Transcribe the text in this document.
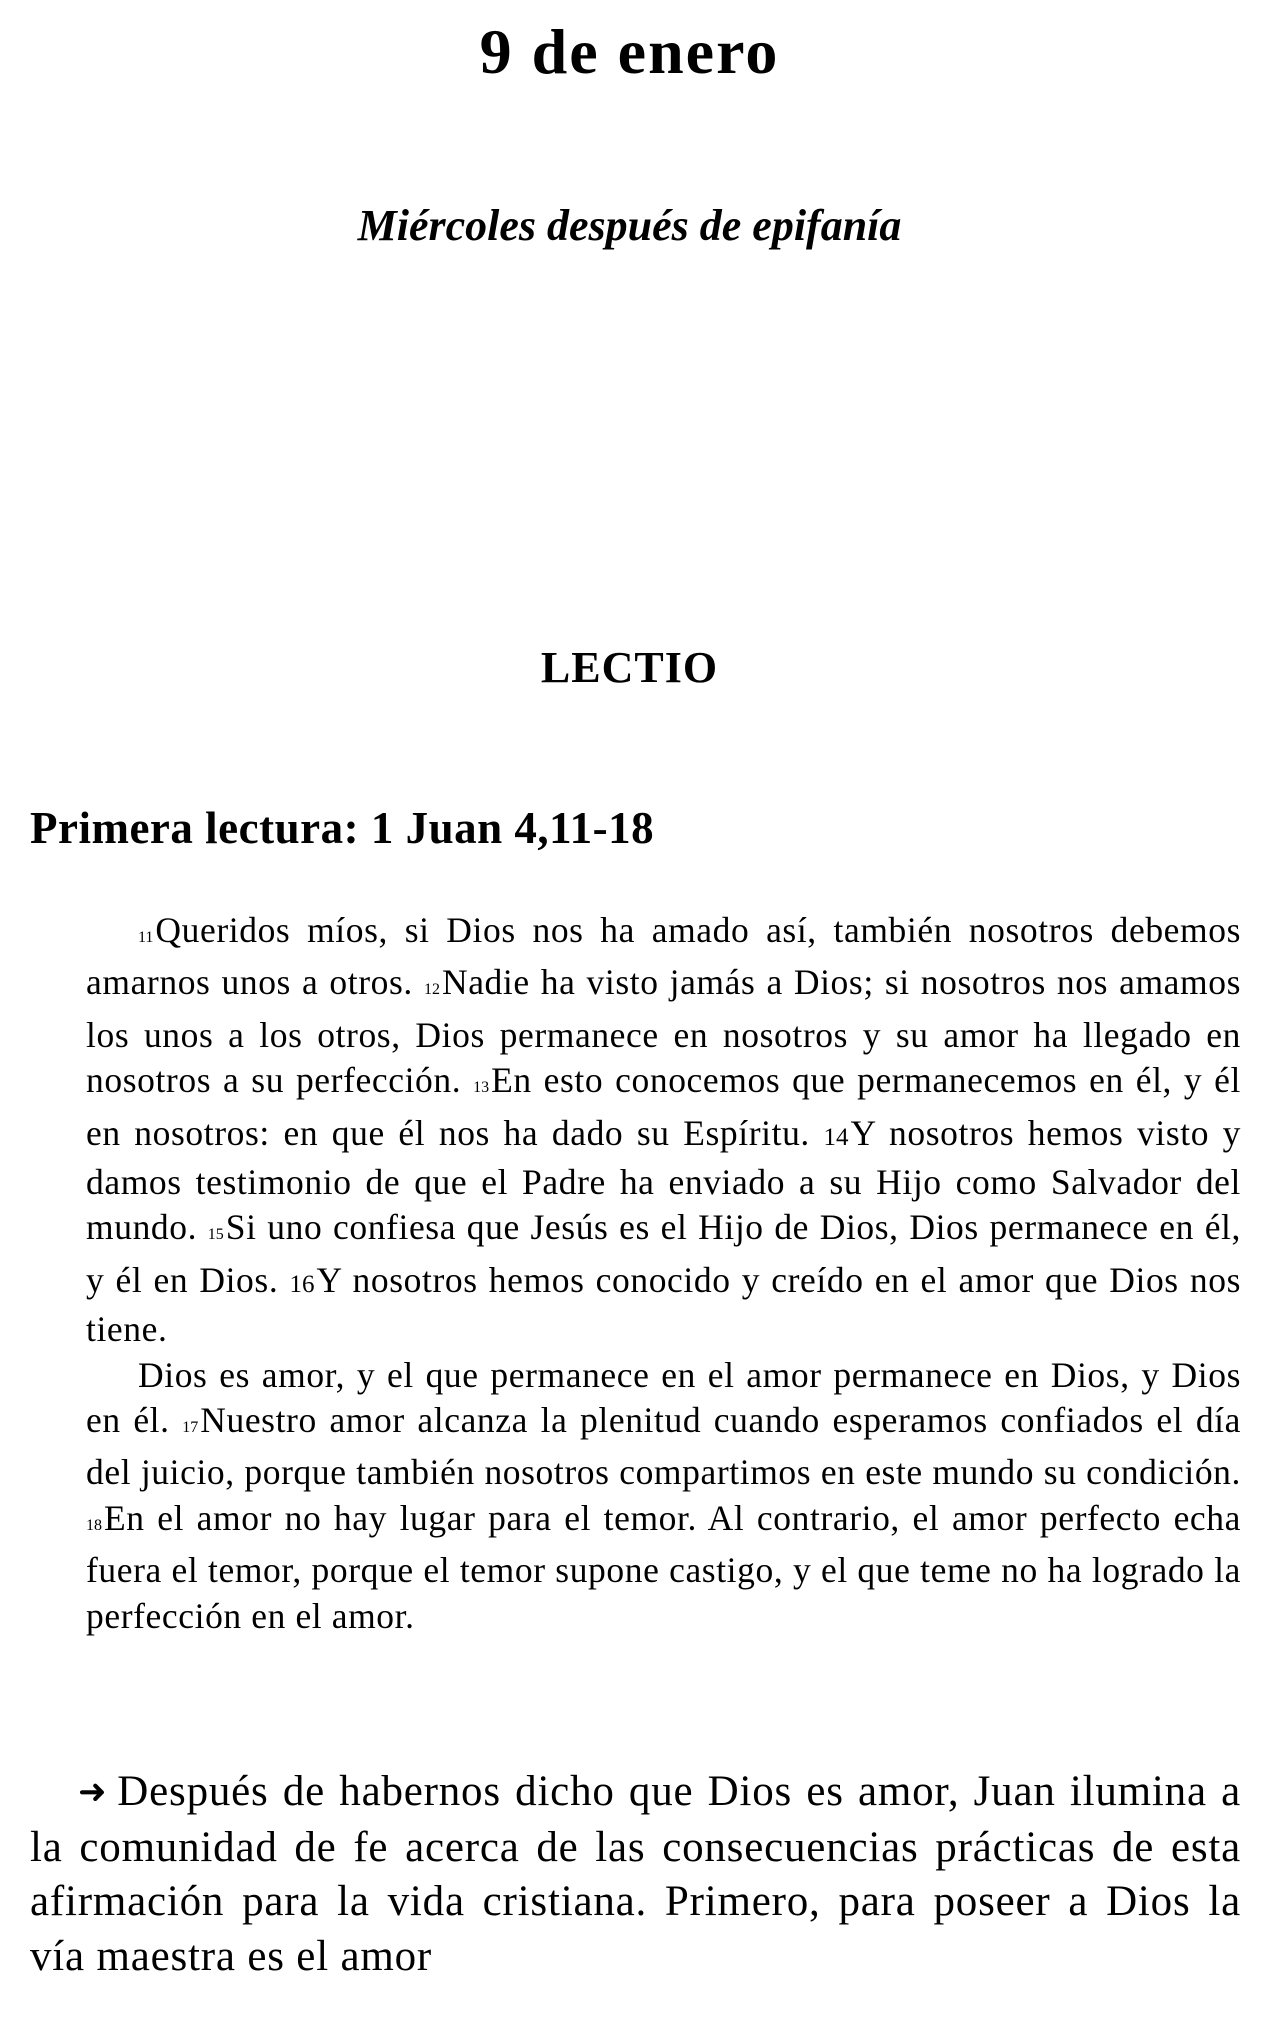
9 de enero
Miércoles después de epifanía
LECTIO
Primera lectura: 1 Juan 4,11-18

11Queridos míos, si Dios nos ha amado así, también nosotros debemos amarnos unos a otros. 12Nadie ha visto jamás a Dios; si nosotros nos amamos los unos a los otros, Dios permanece en nosotros y su amor ha llegado en nosotros a su perfección. 13En esto conocemos que permanecemos en él, y él en nosotros: en que él nos ha dado su Espíritu. 14Y nosotros hemos visto y damos testimonio de que el Padre ha enviado a su Hijo como Salvador del mundo. 15Si uno confiesa que Jesús es el Hijo de Dios, Dios permanece en él, y él en Dios. 16Y nosotros hemos conocido y creído en el amor que Dios nos tiene.

Dios es amor, y el que permanece en el amor permanece en Dios, y Dios en él. 17Nuestro amor alcanza la plenitud cuando esperamos confiados el día del juicio, porque también nosotros compartimos en este mundo su condición. 18En el amor no hay lugar para el temor. Al contrario, el amor perfecto echa fuera el temor, porque el temor supone castigo, y el que teme no ha logrado la perfección en el amor.

➜ Después de habernos dicho que Dios es amor, Juan ilumina a la comunidad de fe acerca de las consecuencias prácticas de esta afirmación para la vida cristiana. Primero, para poseer a Dios la vía maestra es el amor
